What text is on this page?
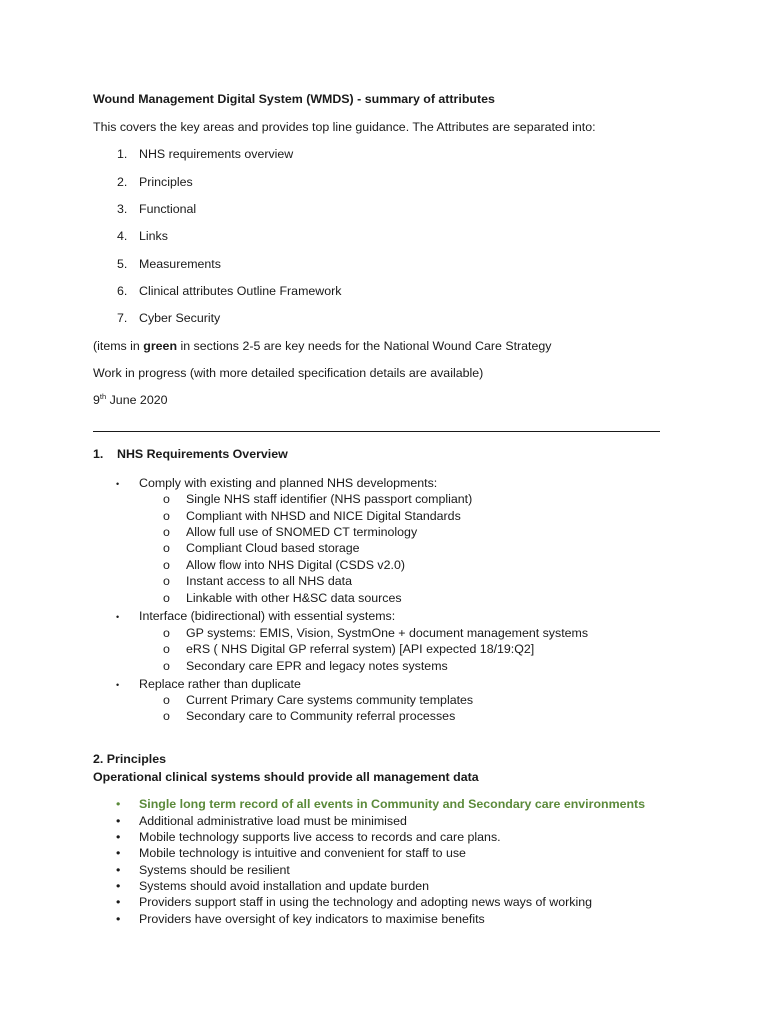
Wound Management Digital System (WMDS) - summary of attributes
This covers the key areas and provides top line guidance. The Attributes are separated into:
1. NHS requirements overview
2. Principles
3. Functional
4. Links
5. Measurements
6. Clinical attributes Outline Framework
7. Cyber Security
(items in green in sections 2-5 are key needs for the National Wound Care Strategy
Work in progress (with more detailed specification details are available)
9th June 2020
1. NHS Requirements Overview
• Comply with existing and planned NHS developments:
o Single NHS staff identifier (NHS passport compliant)
o Compliant with NHSD and NICE Digital Standards
o Allow full use of SNOMED CT terminology
o Compliant Cloud based storage
o Allow flow into NHS Digital (CSDS v2.0)
o Instant access to all NHS data
o Linkable with other H&SC data sources
• Interface (bidirectional) with essential systems:
o GP systems: EMIS, Vision, SystmOne + document management systems
o eRS ( NHS Digital GP referral system) [API expected 18/19:Q2]
o Secondary care EPR and legacy notes systems
• Replace rather than duplicate
o Current Primary Care systems community templates
o Secondary care to Community referral processes
2. Principles
Operational clinical systems should provide all management data
• Single long term record of all events in Community and Secondary care environments
• Additional administrative load must be minimised
• Mobile technology supports live access to records and care plans.
• Mobile technology is intuitive and convenient for staff to use
• Systems should be resilient
• Systems should avoid installation and update burden
• Providers support staff in using the technology and adopting news ways of working
• Providers have oversight of key indicators to maximise benefits
